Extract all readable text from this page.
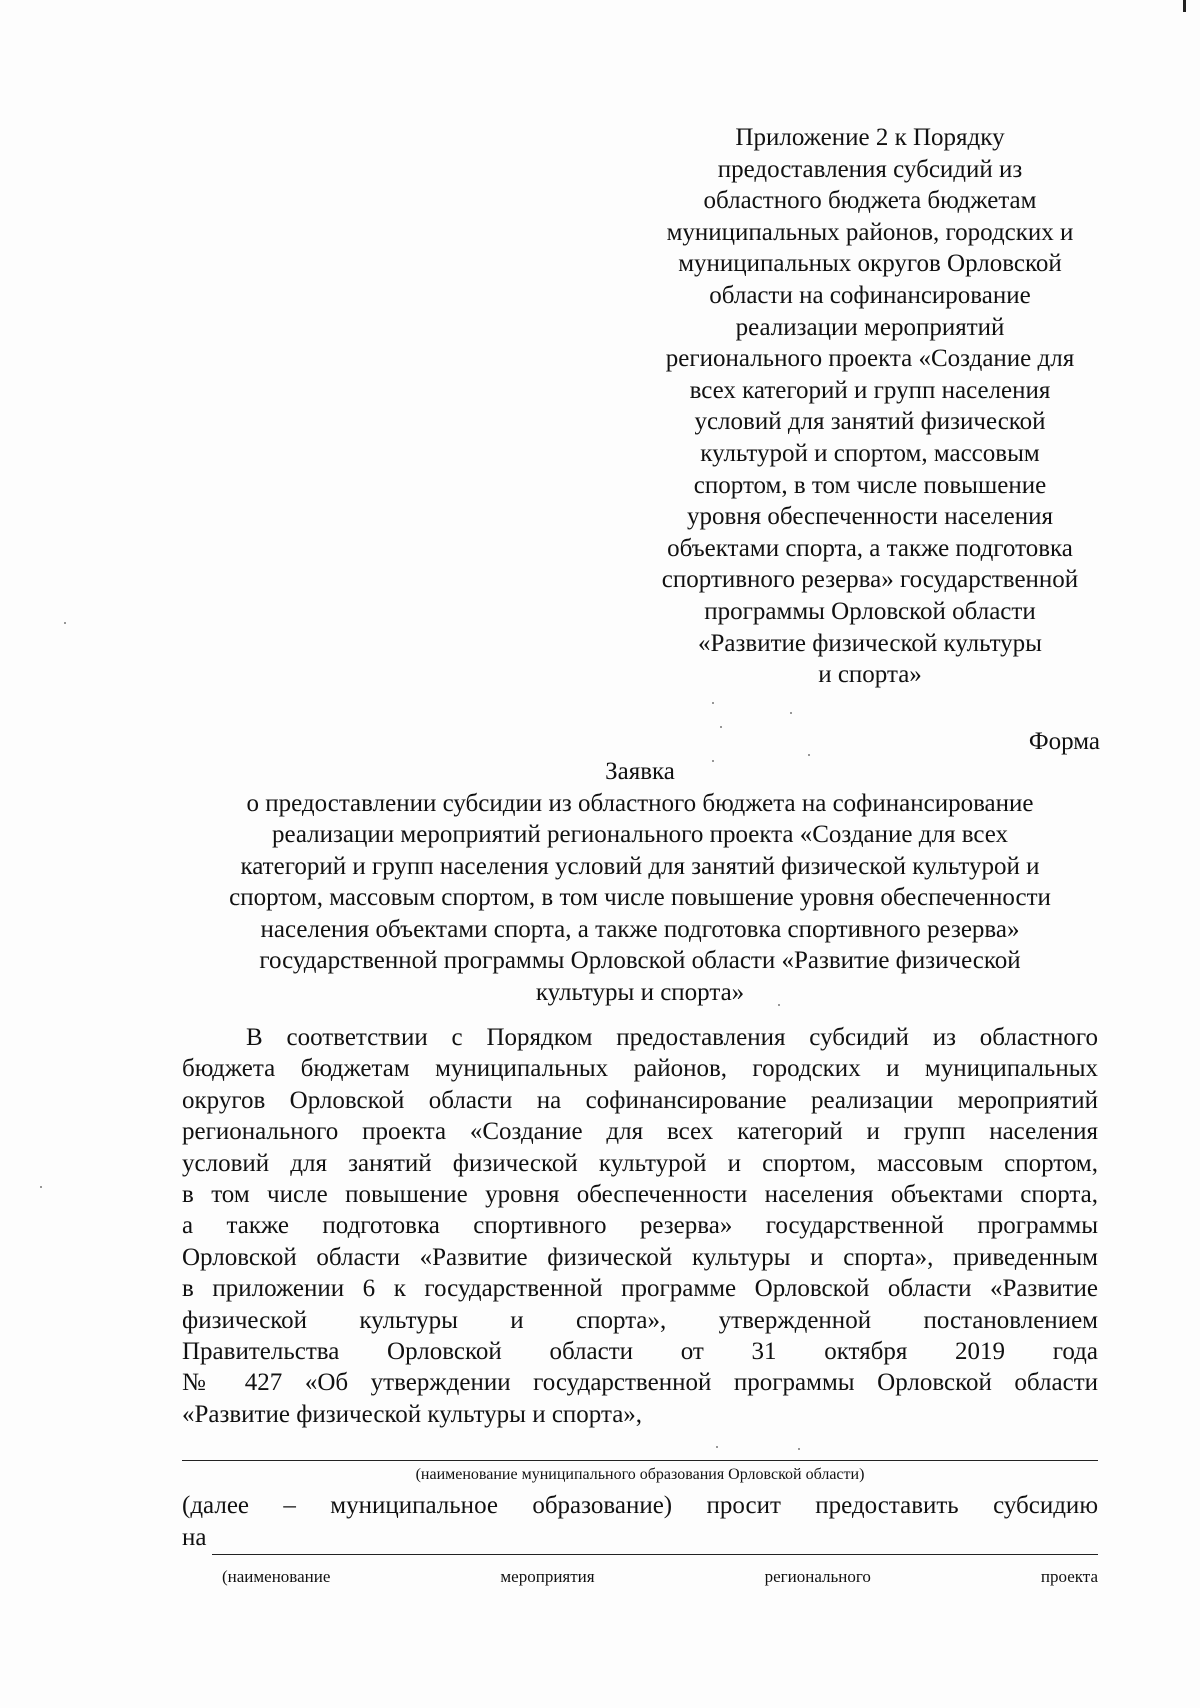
Приложение 2 к Порядку
предоставления субсидий из
областного бюджета бюджетам
муниципальных районов, городских и
муниципальных округов Орловской
области на софинансирование
реализации мероприятий
регионального проекта «Создание для
всех категорий и групп населения
условий для занятий физической
культурой и спортом, массовым
спортом, в том числе повышение
уровня обеспеченности населения
объектами спорта, а также подготовка
спортивного резерва» государственной
программы Орловской области
«Развитие физической культуры
и спорта»
Форма
Заявка
о предоставлении субсидии из областного бюджета на софинансирование
реализации мероприятий регионального проекта «Создание для всех
категорий и групп населения условий для занятий физической культурой и
спортом, массовым спортом, в том числе повышение уровня обеспеченности
населения объектами спорта, а также подготовка спортивного резерва»
государственной программы Орловской области «Развитие физической
культуры и спорта»
В соответствии с Порядком предоставления субсидий из областного
бюджета бюджетам муниципальных районов, городских и муниципальных
округов Орловской области на софинансирование реализации мероприятий
регионального проекта «Создание для всех категорий и групп населения
условий для занятий физической культурой и спортом, массовым спортом,
в том числе повышение уровня обеспеченности населения объектами спорта,
а также подготовка спортивного резерва» государственной программы
Орловской области «Развитие физической культуры и спорта», приведенным
в приложении 6 к государственной программе Орловской области «Развитие
физической культуры и спорта», утвержденной постановлением
Правительства Орловской области от 31 октября 2019 года
№ 427 «Об утверждении государственной программы Орловской области
«Развитие физической культуры и спорта»,
(наименование муниципального образования Орловской области)
(далее – муниципальное образование) просит предоставить субсидию
на
(наименование	мероприятия	регионального	проекта
